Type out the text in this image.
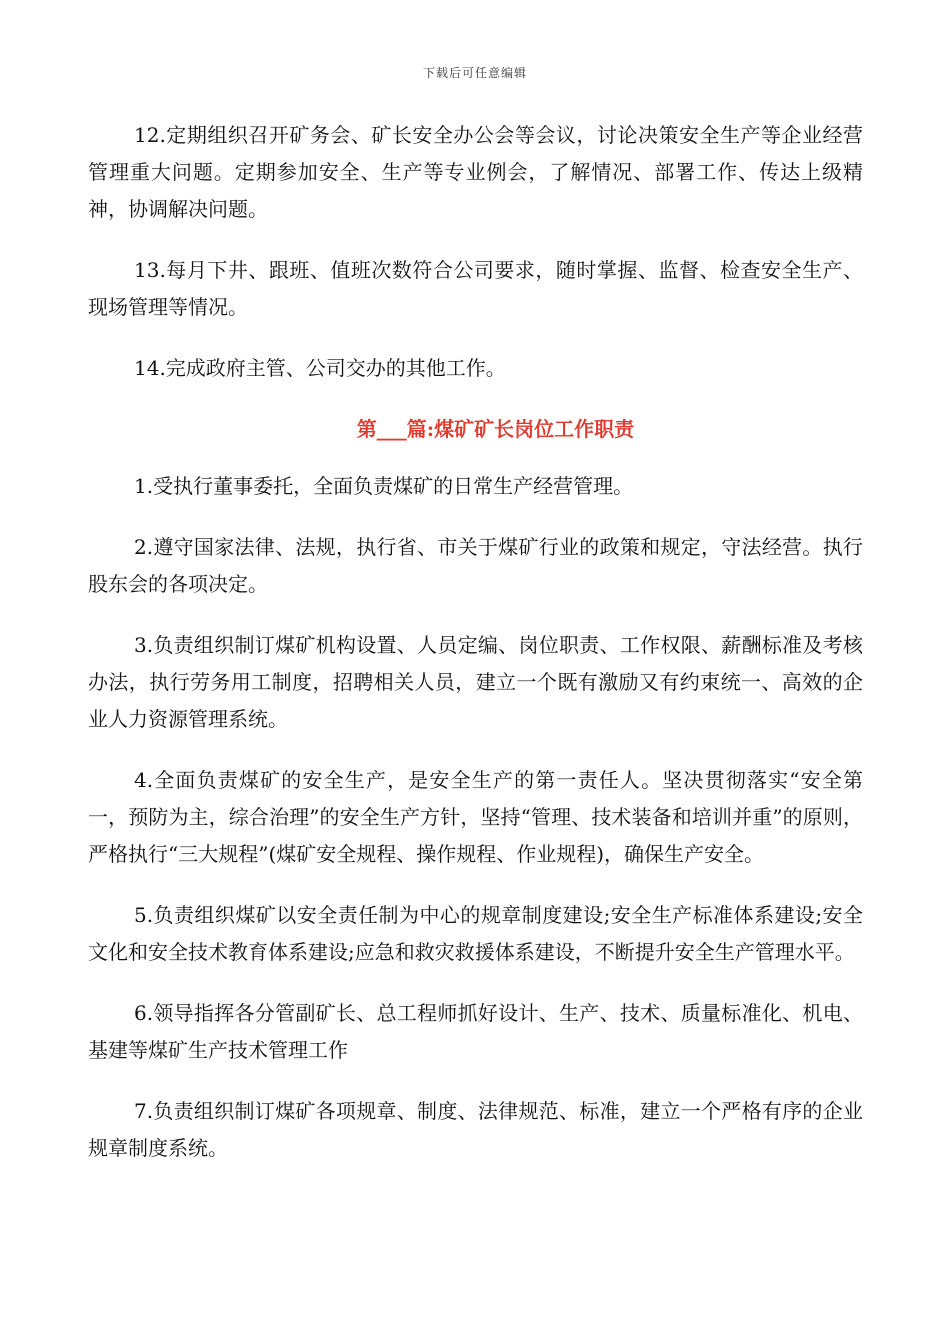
下载后可任意编辑

12.定期组织召开矿务会、矿长安全办公会等会议，讨论决策安全生产等企业经营管理重大问题。定期参加安全、生产等专业例会，了解情况、部署工作、传达上级精神，协调解决问题。

13.每月下井、跟班、值班次数符合公司要求，随时掌握、监督、检查安全生产、现场管理等情况。

14.完成政府主管、公司交办的其他工作。

第___篇:煤矿矿长岗位工作职责

1.受执行董事委托，全面负责煤矿的日常生产经营管理。

2.遵守国家法律、法规，执行省、市关于煤矿行业的政策和规定，守法经营。执行股东会的各项决定。

3.负责组织制订煤矿机构设置、人员定编、岗位职责、工作权限、薪酬标准及考核办法，执行劳务用工制度，招聘相关人员，建立一个既有激励又有约束统一、高效的企业人力资源管理系统。

4.全面负责煤矿的安全生产，是安全生产的第一责任人。坚决贯彻落实“安全第一，预防为主，综合治理”的安全生产方针，坚持“管理、技术装备和培训并重”的原则，严格执行“三大规程”(煤矿安全规程、操作规程、作业规程)，确保生产安全。

5.负责组织煤矿以安全责任制为中心的规章制度建设;安全生产标准体系建设;安全文化和安全技术教育体系建设;应急和救灾救援体系建设，不断提升安全生产管理水平。

6.领导指挥各分管副矿长、总工程师抓好设计、生产、技术、质量标准化、机电、基建等煤矿生产技术管理工作

7.负责组织制订煤矿各项规章、制度、法律规范、标准，建立一个严格有序的企业规章制度系统。
